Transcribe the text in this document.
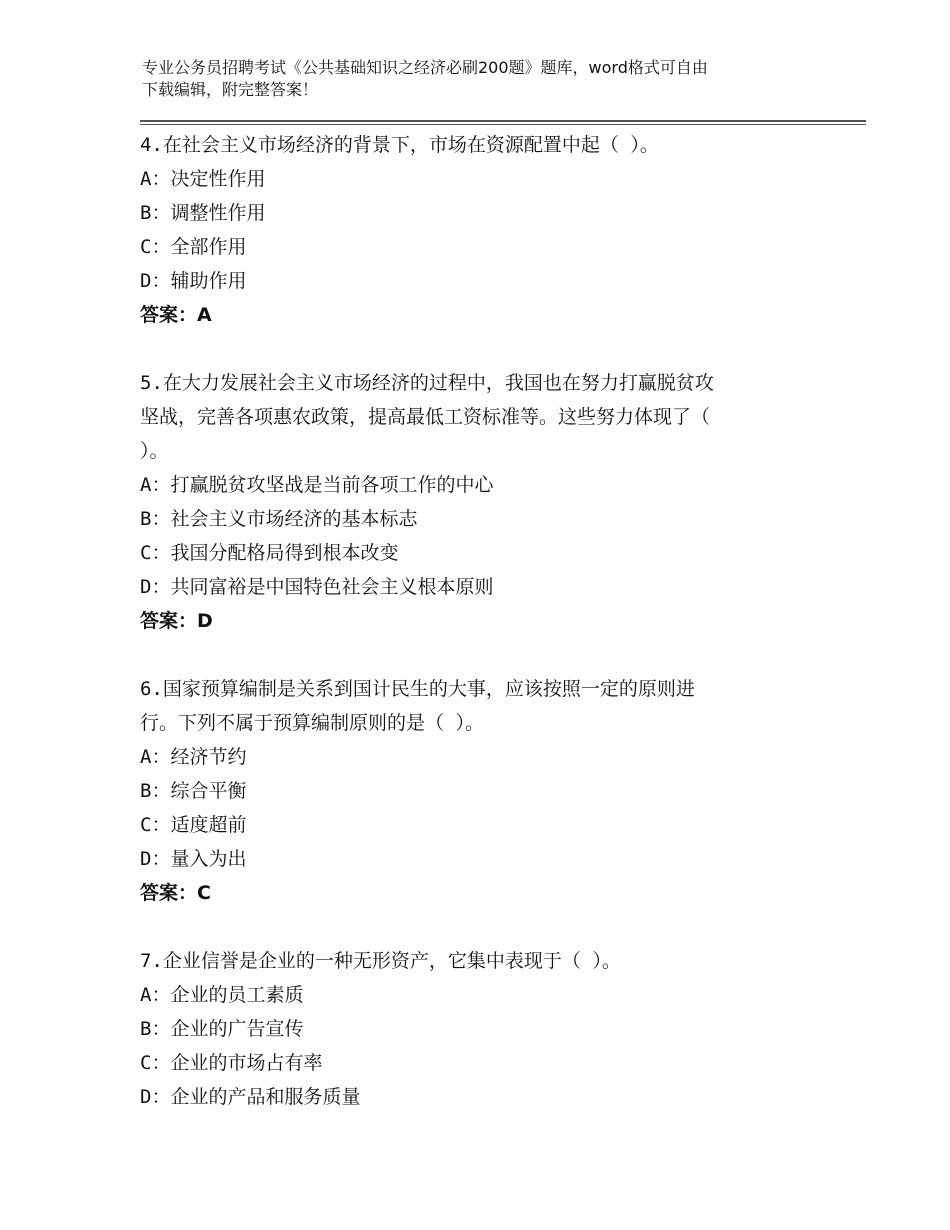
专业公务员招聘考试《公共基础知识之经济必刷200题》题库，word格式可自由
下载编辑，附完整答案！

4.在社会主义市场经济的背景下，市场在资源配置中起（ ）。

A：决定性作用

B：调整性作用

C：全部作用

D：辅助作用

答案：A

5.在大力发展社会主义市场经济的过程中，我国也在努力打赢脱贫攻
坚战，完善各项惠农政策，提高最低工资标准等。这些努力体现了（
）。

A：打赢脱贫攻坚战是当前各项工作的中心

B：社会主义市场经济的基本标志

C：我国分配格局得到根本改变

D：共同富裕是中国特色社会主义根本原则

答案：D

6.国家预算编制是关系到国计民生的大事，应该按照一定的原则进
行。下列不属于预算编制原则的是（ ）。

A：经济节约

B：综合平衡

C：适度超前

D：量入为出

答案：C

7.企业信誉是企业的一种无形资产，它集中表现于（ ）。

A：企业的员工素质

B：企业的广告宣传

C：企业的市场占有率

D：企业的产品和服务质量
